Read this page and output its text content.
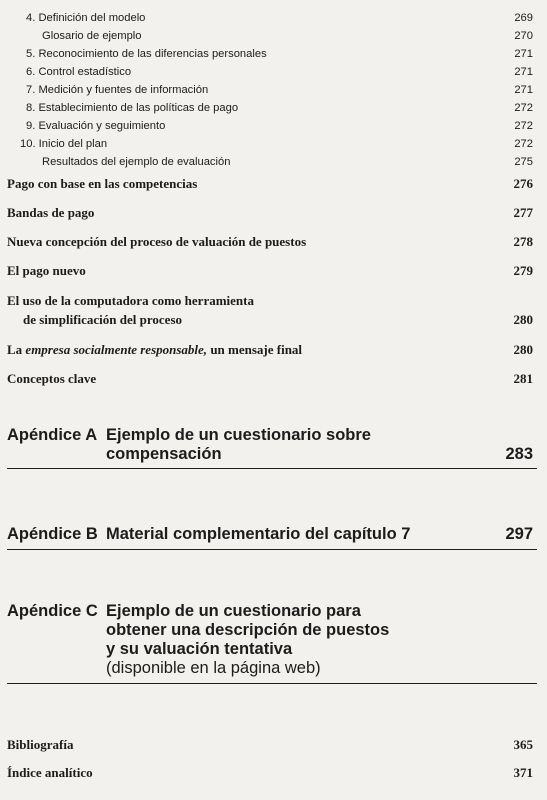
4. Definición del modelo	269
Glosario de ejemplo	270
5. Reconocimiento de las diferencias personales	271
6. Control estadístico	271
7. Medición y fuentes de información	271
8. Establecimiento de las políticas de pago	272
9. Evaluación y seguimiento	272
10. Inicio del plan	272
Resultados del ejemplo de evaluación	275
Pago con base en las competencias	276
Bandas de pago	277
Nueva concepción del proceso de valuación de puestos	278
El pago nuevo	279
El uso de la computadora como herramienta
de simplificación del proceso	280
La empresa socialmente responsable, un mensaje final	280
Conceptos clave	281
Apéndice A Ejemplo de un cuestionario sobre
compensación	283
Apéndice B Material complementario del capítulo 7	297
Apéndice C Ejemplo de un cuestionario para
obtener una descripción de puestos
y su valuación tentativa
(disponible en la página web)
Bibliografía	365
Índice analítico	371
